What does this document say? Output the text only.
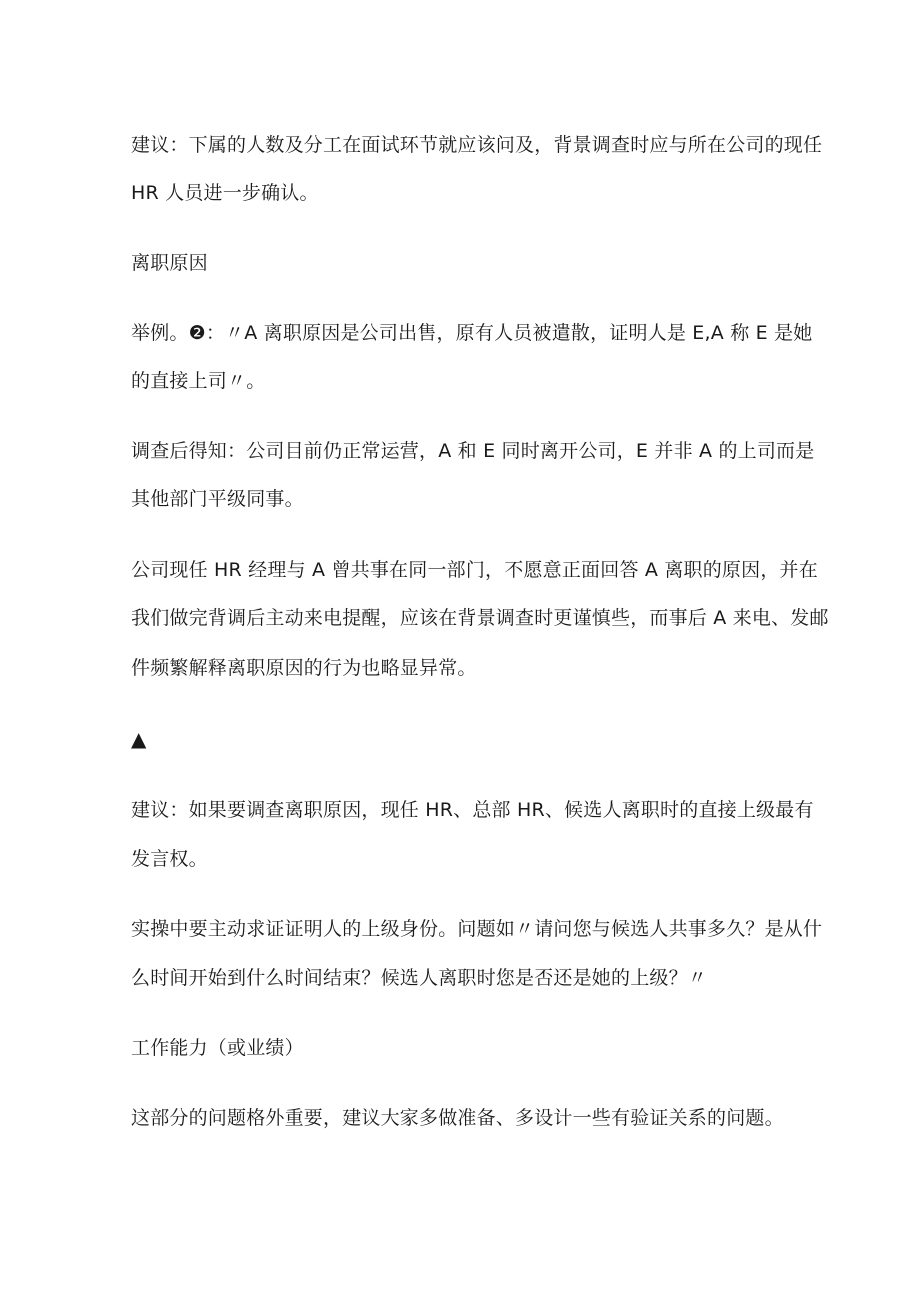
建议：下属的人数及分工在面试环节就应该问及，背景调查时应与所在公司的现任
HR 人员进一步确认。
离职原因
举例。❷：〃A 离职原因是公司出售，原有人员被遣散，证明人是 E,A 称 E 是她
的直接上司〃。
调查后得知：公司目前仍正常运营，A 和 E 同时离开公司，E 并非 A 的上司而是
其他部门平级同事。
公司现任 HR 经理与 A 曾共事在同一部门，不愿意正面回答 A 离职的原因，并在
我们做完背调后主动来电提醒，应该在背景调查时更谨慎些，而事后 A 来电、发邮
件频繁解释离职原因的行为也略显异常。
▲
建议：如果要调查离职原因，现任 HR、总部 HR、候选人离职时的直接上级最有
发言权。
实操中要主动求证证明人的上级身份。问题如〃请问您与候选人共事多久？是从什
么时间开始到什么时间结束？候选人离职时您是否还是她的上级？〃
工作能力（或业绩）
这部分的问题格外重要，建议大家多做准备、多设计一些有验证关系的问题。
